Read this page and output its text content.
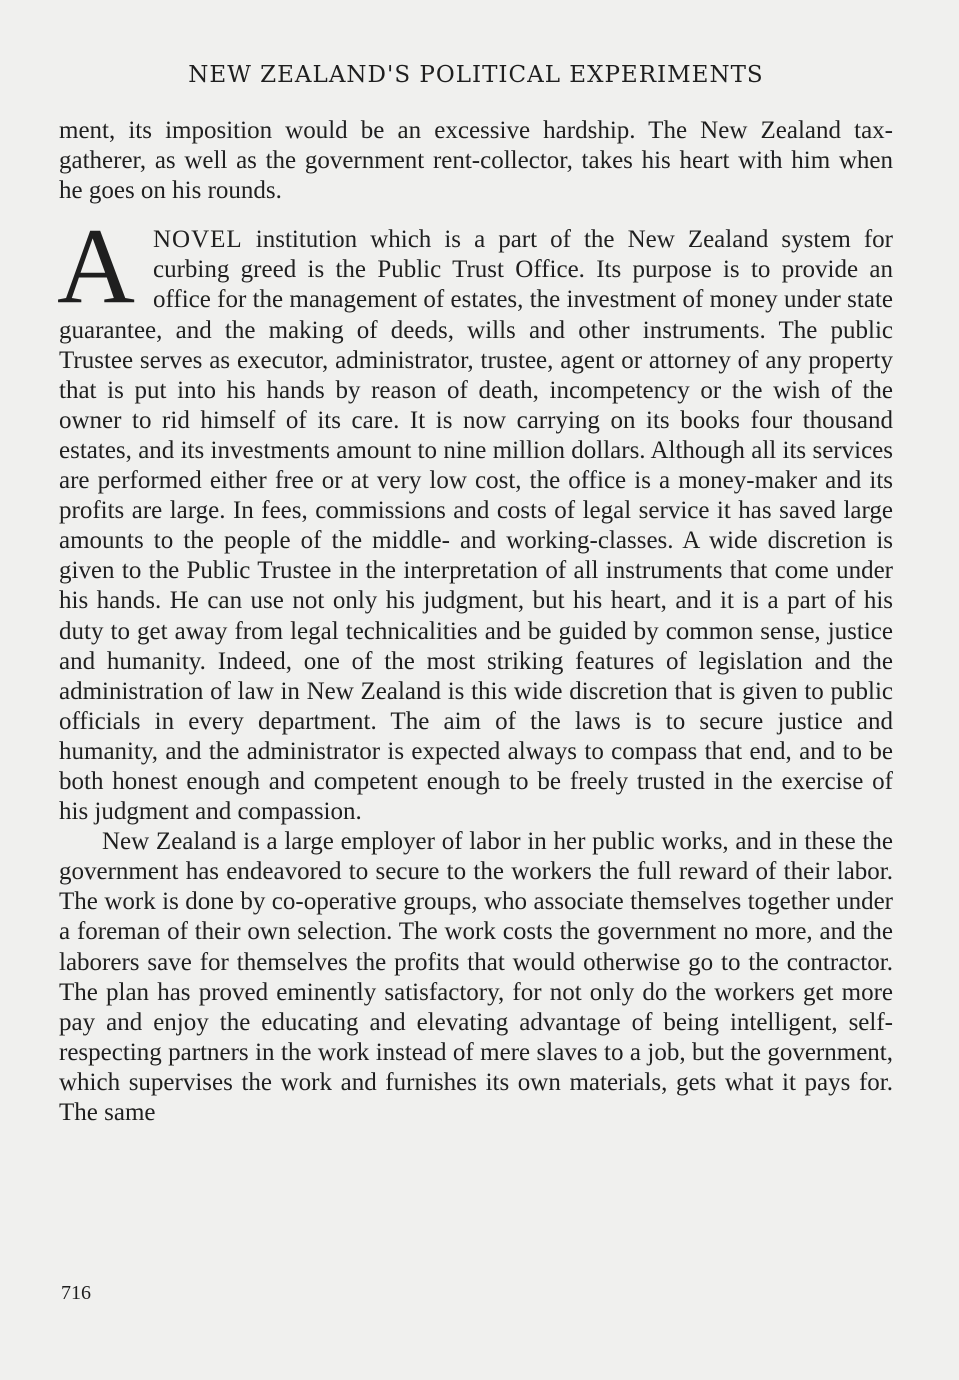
NEW ZEALAND'S POLITICAL EXPERIMENTS

ment, its imposition would be an excessive hardship. The New Zealand tax-gatherer, as well as the government rent-collector, takes his heart with him when he goes on his rounds.

ANOVEL institution which is a part of the New Zealand system for curbing greed is the Public Trust Office. Its purpose is to provide an office for the management of estates, the investment of money under state guarantee, and the making of deeds, wills and other instruments. The public Trustee serves as executor, administrator, trustee, agent or attorney of any property that is put into his hands by reason of death, incompetency or the wish of the owner to rid himself of its care. It is now carrying on its books four thousand estates, and its investments amount to nine million dollars. Although all its services are performed either free or at very low cost, the office is a money-maker and its profits are large. In fees, commissions and costs of legal service it has saved large amounts to the people of the middle- and working-classes. A wide discretion is given to the Public Trustee in the interpretation of all instruments that come under his hands. He can use not only his judgment, but his heart, and it is a part of his duty to get away from legal technicalities and be guided by common sense, justice and humanity. Indeed, one of the most striking features of legislation and the administration of law in New Zealand is this wide discretion that is given to public officials in every department. The aim of the laws is to secure justice and humanity, and the administrator is expected always to compass that end, and to be both honest enough and competent enough to be freely trusted in the exercise of his judgment and compassion.

New Zealand is a large employer of labor in her public works, and in these the government has endeavored to secure to the workers the full reward of their labor. The work is done by co-operative groups, who associate themselves together under a foreman of their own selection. The work costs the government no more, and the laborers save for themselves the profits that would otherwise go to the contractor. The plan has proved eminently satisfactory, for not only do the workers get more pay and enjoy the educating and elevating advantage of being intelligent, self-respecting partners in the work instead of mere slaves to a job, but the government, which supervises the work and furnishes its own materials, gets what it pays for. The same

716
